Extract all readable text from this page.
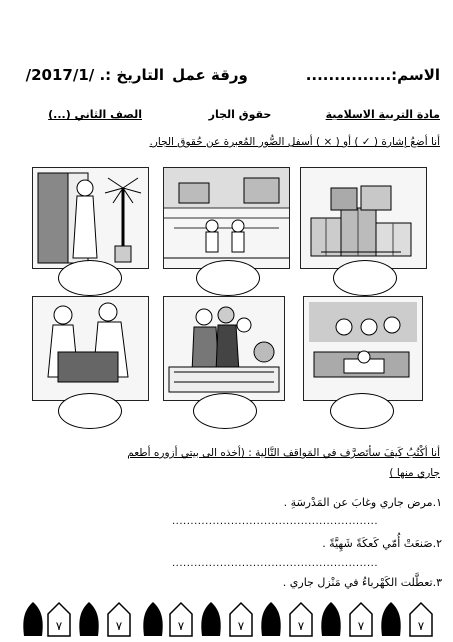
الاسم:...............
ورقة عمل
التاريخ :. /2017/1/
مادة التربية الاسلامية
حقوق الجار
الصف الثاني (...)
أنا أضعُ إشارة ( ✓ ) أو ( × ) أسفل الصُّور المُعبرة عن حُقوق الجار.
أنا أكْتُبُ كَيفَ سأتَصرَّف في المَواقف التَّالية : (أخذه الى بيتي أزوره أطعم
جاري منها )
١.مرض جاري وغابَ عن المَدْرسَةِ .
........................................................
٢.صَنعَتْ أُمّي كَعكَةً شَهِيَّةً .
........................................................
٣.تعطَّلت الكَهْرباءُ في مَنْزل جاري .
٧	٧	٧	٧	٧	٧	٧
